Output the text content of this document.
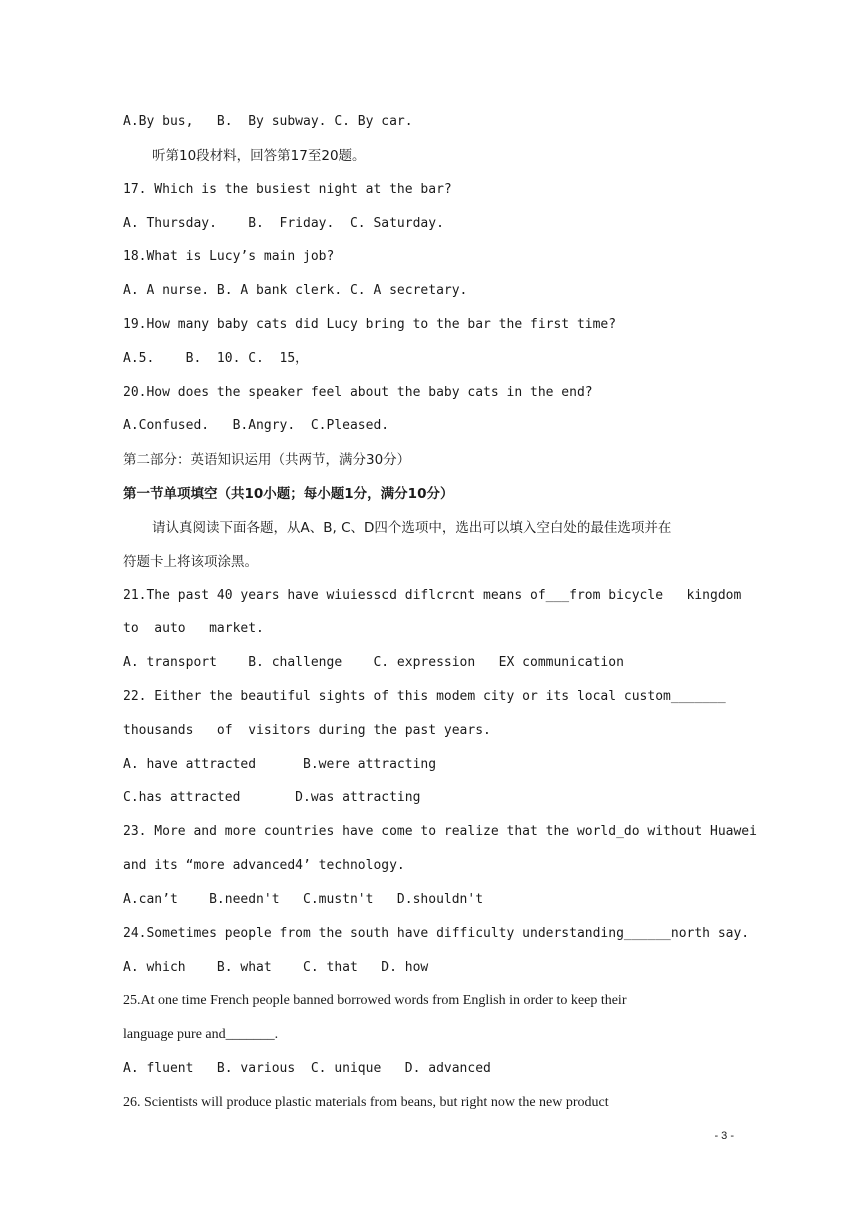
A.By bus,   B.  By subway. C. By car.
听第10段材料，回答第17至20题。
17. Which is the busiest night at the bar?
A. Thursday.    B.  Friday.  C. Saturday.
18.What is Lucy’s main job?
A. A nurse. B. A bank clerk. C. A secretary.
19.How many baby cats did Lucy bring to the bar the first time?
A.5.    B.  10. C.  15，
20.How does the speaker feel about the baby cats in the end?
A.Confused.   B.Angry.  C.Pleased.
第二部分：英语知识运用（共两节，满分30分）
第一节单项填空（共10小题；每小题1分，满分10分）
请认真阅读下面各题，从A、B, C、D四个选项中，选出可以填入空白处的最佳选项并在
符题卡上将该项涂黑。
21.The past 40 years have wiuiesscd diflcrcnt means of___from bicycle   kingdom
to  auto   market.
A. transport    B. challenge    C. expression   EX communication
22. Either the beautiful sights of this modem city or its local custom_______
thousands   of  visitors during the past years.
A. have attracted      B.were attracting
C.has attracted       D.was attracting
23. More and more countries have come to realize that the world_do without Huawei
and its “more advanced4’ technology.
A.can’t    B.needn't   C.mustn't   D.shouldn't
24.Sometimes people from the south have difficulty understanding______north say.
A. which    B. what    C. that   D. how
25.At one time French people banned borrowed words from English in order to keep their
language pure and_______.
A. fluent   B. various  C. unique   D. advanced
26. Scientists will produce plastic materials from beans, but right now the new product
- 3 -
